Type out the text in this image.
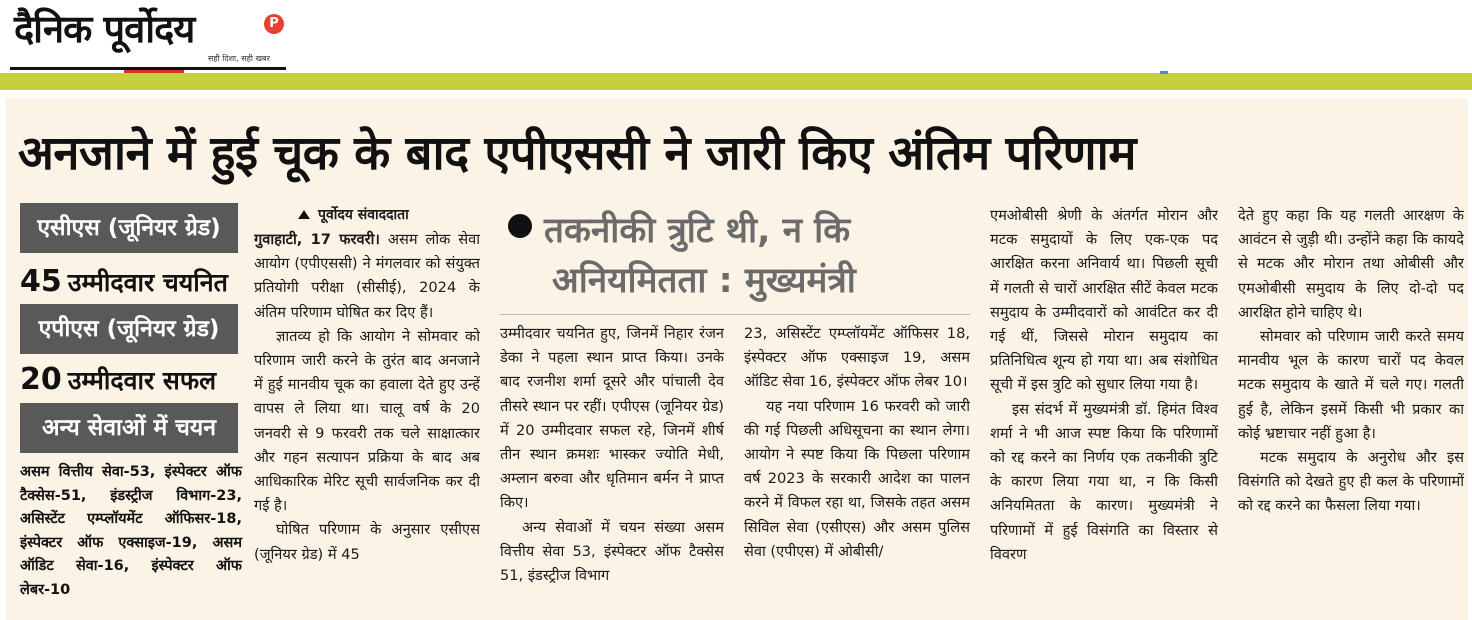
दैनिक पूर्वोदय	P
सही दिशा, सही खबर
अनजाने में हुई चूक के बाद एपीएससी ने जारी किए अंतिम परिणाम
एसीएस (जूनियर ग्रेड)
45 उम्मीदवार चयनित
एपीएस (जूनियर ग्रेड)
20 उम्मीदवार सफल
अन्य सेवाओं में चयन
असम वित्तीय सेवा-53, इंस्पेक्टर ऑफ टैक्सेस-51, इंडस्ट्रीज विभाग-23, असिस्टेंट एम्प्लॉयमेंट ऑफिसर-18, इंस्पेक्टर ऑफ एक्साइज-19, असम ऑडिट सेवा-16, इंस्पेक्टर ऑफ लेबर-10
पूर्वोदय संवाददाता

गुवाहाटी, 17 फरवरी। असम लोक सेवा आयोग (एपीएससी) ने मंगलवार को संयुक्त प्रतियोगी परीक्षा (सीसीई), 2024 के अंतिम परिणाम घोषित कर दिए हैं।

ज्ञातव्य हो कि आयोग ने सोमवार को परिणाम जारी करने के तुरंत बाद अनजाने में हुई मानवीय चूक का हवाला देते हुए उन्हें वापस ले लिया था। चालू वर्ष के 20 जनवरी से 9 फरवरी तक चले साक्षात्कार और गहन सत्यापन प्रक्रिया के बाद अब आधिकारिक मेरिट सूची सार्वजनिक कर दी गई है।

घोषित परिणाम के अनुसार एसीएस (जूनियर ग्रेड) में 45

तकनीकी त्रुटि थी, न कि
अनियमितता : मुख्यमंत्री

उम्मीदवार चयनित हुए, जिनमें निहार रंजन डेका ने पहला स्थान प्राप्त किया। उनके बाद रजनीश शर्मा दूसरे और पांचाली देव तीसरे स्थान पर रहीं। एपीएस (जूनियर ग्रेड) में 20 उम्मीदवार सफल रहे, जिनमें शीर्ष तीन स्थान क्रमशः भास्कर ज्योति मेधी, अम्लान बरुवा और धृतिमान बर्मन ने प्राप्त किए।

अन्य सेवाओं में चयन संख्या असम वित्तीय सेवा 53, इंस्पेक्टर ऑफ टैक्सेस 51, इंडस्ट्रीज विभाग

23, असिस्टेंट एम्प्लॉयमेंट ऑफिसर 18, इंस्पेक्टर ऑफ एक्साइज 19, असम ऑडिट सेवा 16, इंस्पेक्टर ऑफ लेबर 10।

यह नया परिणाम 16 फरवरी को जारी की गई पिछली अधिसूचना का स्थान लेगा। आयोग ने स्पष्ट किया कि पिछला परिणाम वर्ष 2023 के सरकारी आदेश का पालन करने में विफल रहा था, जिसके तहत असम सिविल सेवा (एसीएस) और असम पुलिस सेवा (एपीएस) में ओबीसी/

एमओबीसी श्रेणी के अंतर्गत मोरान और मटक समुदायों के लिए एक-एक पद आरक्षित करना अनिवार्य था। पिछली सूची में गलती से चारों आरक्षित सीटें केवल मटक समुदाय के उम्मीदवारों को आवंटित कर दी गई थीं, जिससे मोरान समुदाय का प्रतिनिधित्व शून्य हो गया था। अब संशोधित सूची में इस त्रुटि को सुधार लिया गया है।

इस संदर्भ में मुख्यमंत्री डॉ. हिमंत विश्व शर्मा ने भी आज स्पष्ट किया कि परिणामों को रद्द करने का निर्णय एक तकनीकी त्रुटि के कारण लिया गया था, न कि किसी अनियमितता के कारण। मुख्यमंत्री ने परिणामों में हुई विसंगति का विस्तार से विवरण

देते हुए कहा कि यह गलती आरक्षण के आवंटन से जुड़ी थी। उन्होंने कहा कि कायदे से मटक और मोरान तथा ओबीसी और एमओबीसी समुदाय के लिए दो-दो पद आरक्षित होने चाहिए थे।

सोमवार को परिणाम जारी करते समय मानवीय भूल के कारण चारों पद केवल मटक समुदाय के खाते में चले गए। गलती हुई है, लेकिन इसमें किसी भी प्रकार का कोई भ्रष्टाचार नहीं हुआ है।

मटक समुदाय के अनुरोध और इस विसंगति को देखते हुए ही कल के परिणामों को रद्द करने का फैसला लिया गया।
